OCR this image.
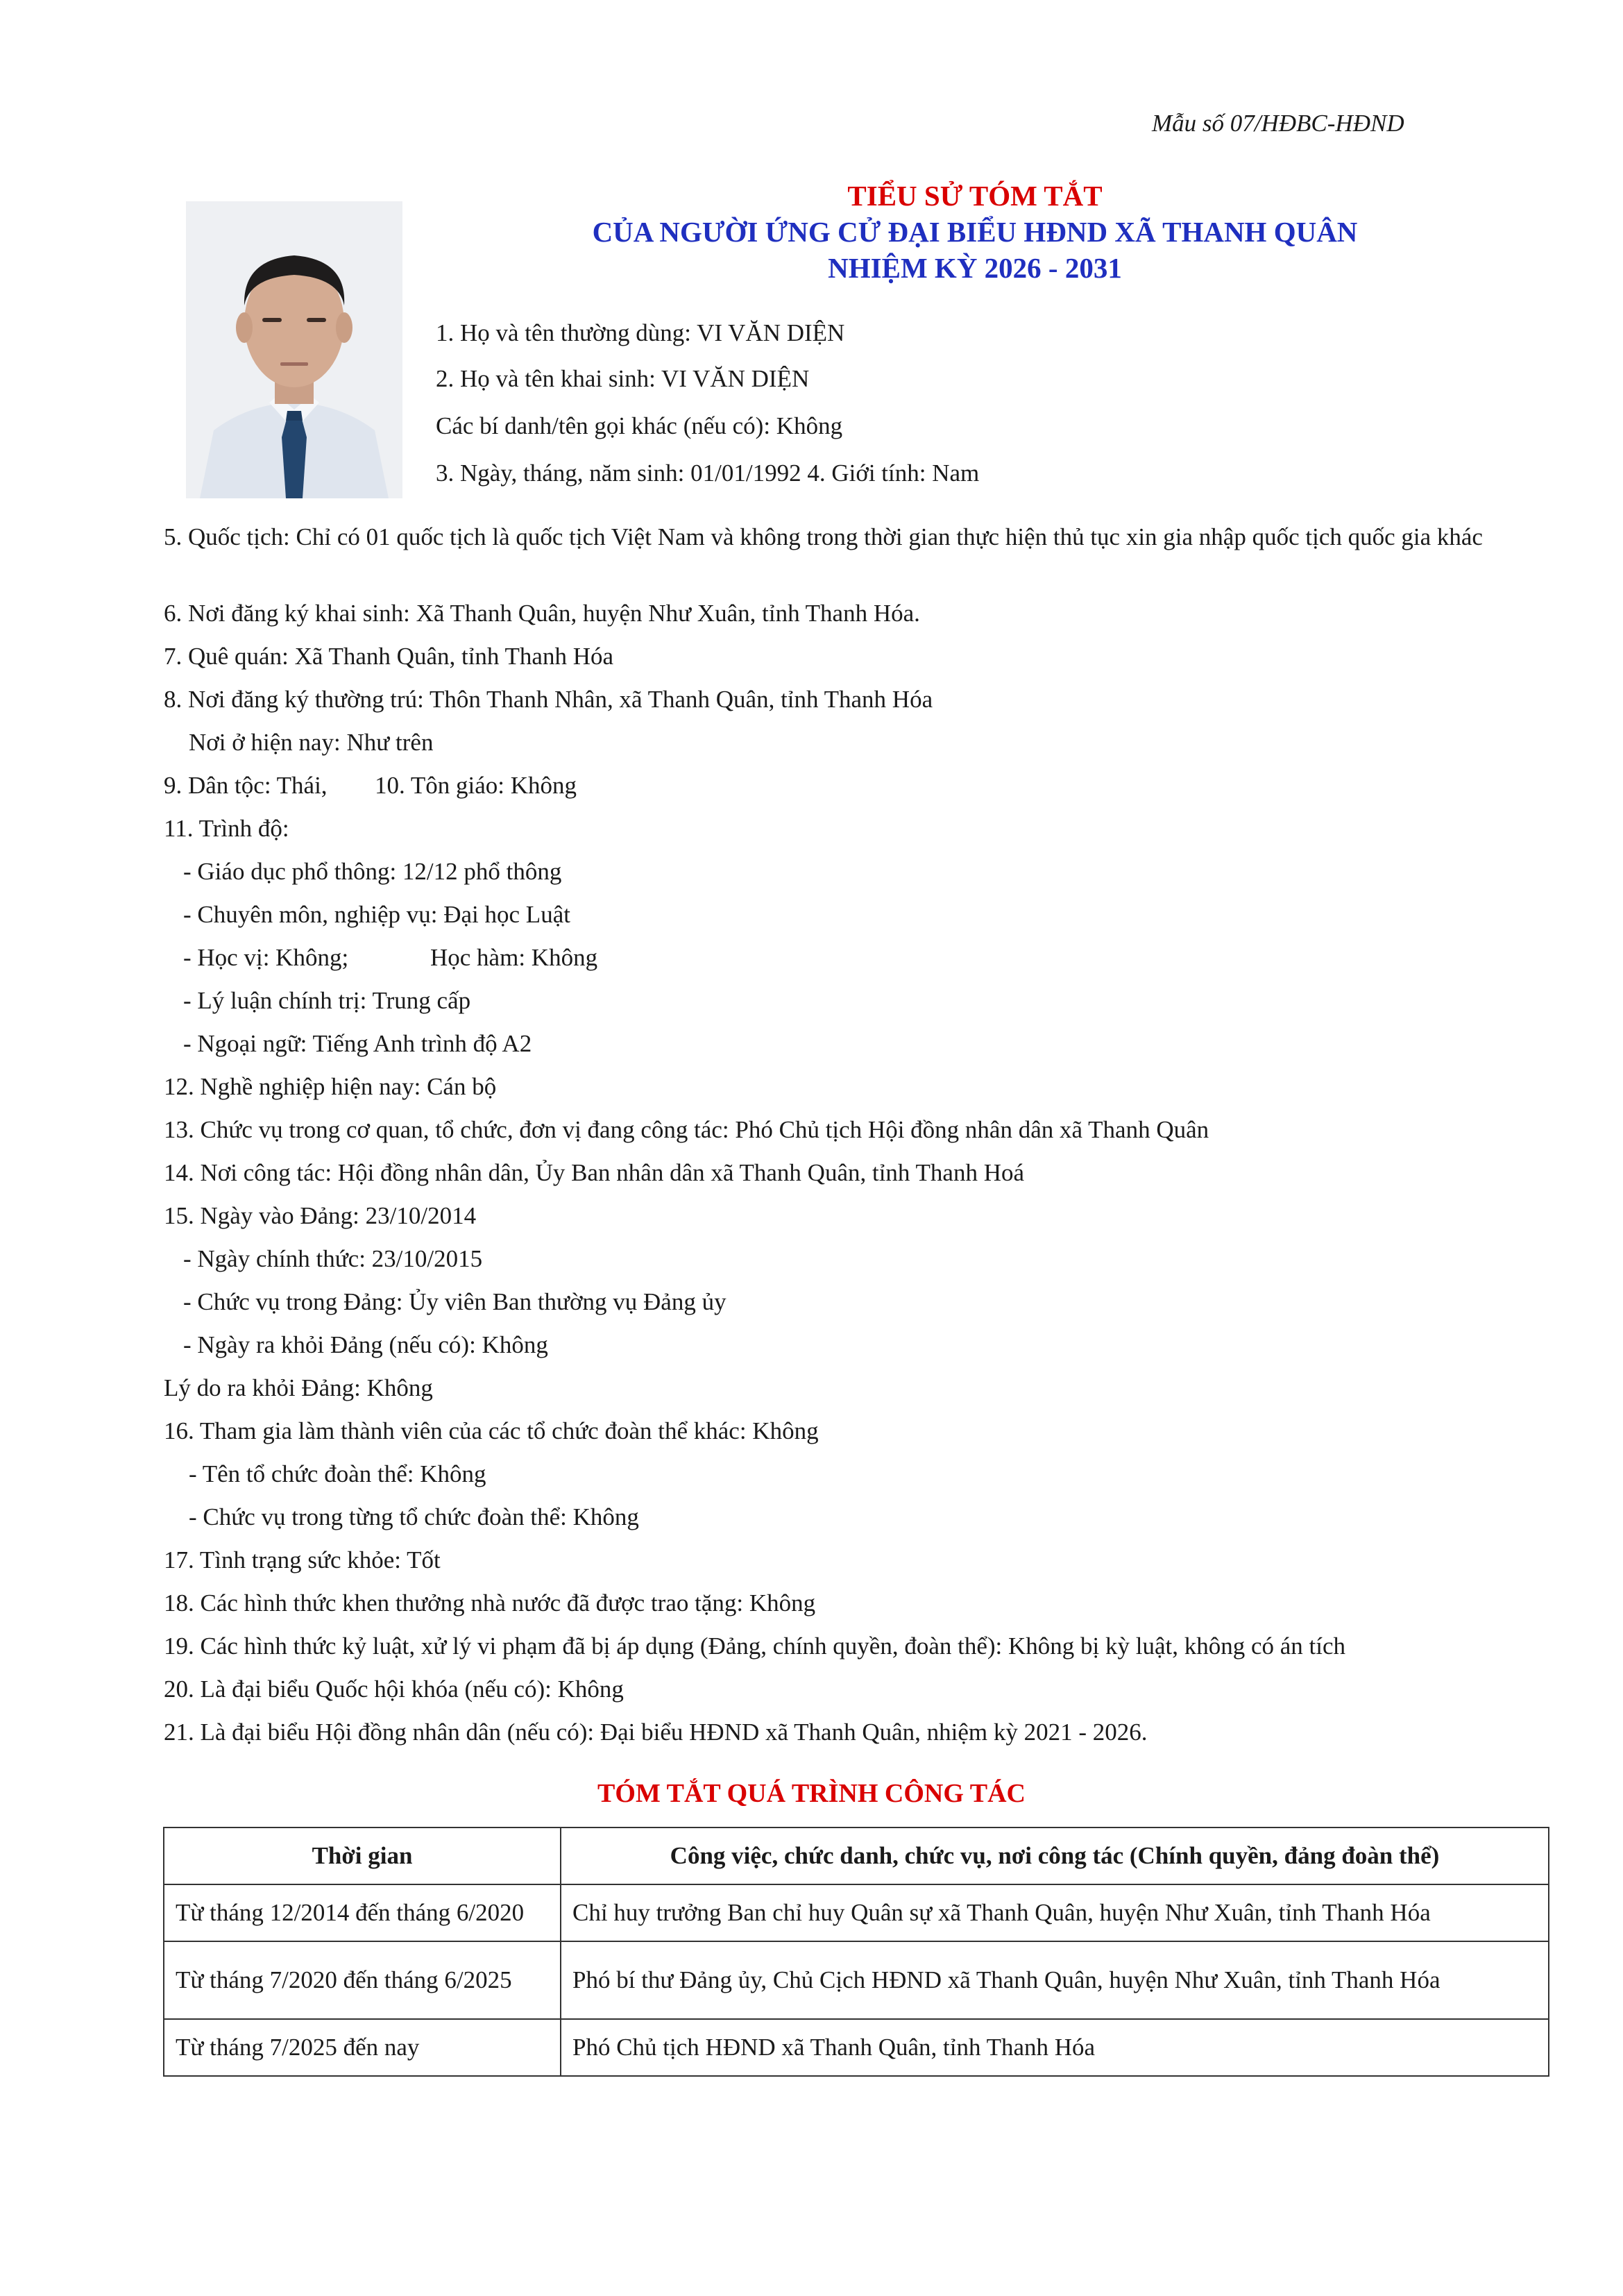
Mẫu số 07/HĐBC-HĐND
TIỂU SỬ TÓM TẮT
CỦA NGƯỜI ỨNG CỬ ĐẠI BIỂU HĐND XÃ THANH QUÂN
NHIỆM KỲ 2026 - 2031
1. Họ và tên thường dùng: VI VĂN DIỆN
2. Họ và tên khai sinh: VI VĂN DIỆN
Các bí danh/tên gọi khác (nếu có): Không
3. Ngày, tháng, năm sinh: 01/01/1992 4. Giới tính: Nam
5. Quốc tịch: Chỉ có 01 quốc tịch là quốc tịch Việt Nam và không trong thời gian thực hiện thủ tục xin gia nhập quốc tịch quốc gia khác
6. Nơi đăng ký khai sinh: Xã Thanh Quân, huyện Như Xuân, tỉnh Thanh Hóa.
7. Quê quán: Xã Thanh Quân, tỉnh Thanh Hóa
8. Nơi đăng ký thường trú: Thôn Thanh Nhân, xã Thanh Quân, tỉnh Thanh Hóa
Nơi ở hiện nay: Như trên
9. Dân tộc: Thái, 10. Tôn giáo: Không
11. Trình độ:
- Giáo dục phổ thông: 12/12 phổ thông
- Chuyên môn, nghiệp vụ: Đại học Luật
- Học vị: Không;	Học hàm: Không
- Lý luận chính trị: Trung cấp
- Ngoại ngữ: Tiếng Anh trình độ A2
12. Nghề nghiệp hiện nay: Cán bộ
13. Chức vụ trong cơ quan, tổ chức, đơn vị đang công tác: Phó Chủ tịch Hội đồng nhân dân xã Thanh Quân
14. Nơi công tác: Hội đồng nhân dân, Ủy Ban nhân dân xã Thanh Quân, tỉnh Thanh Hoá
15. Ngày vào Đảng: 23/10/2014
- Ngày chính thức: 23/10/2015
- Chức vụ trong Đảng: Ủy viên Ban thường vụ Đảng ủy
- Ngày ra khỏi Đảng (nếu có): Không
Lý do ra khỏi Đảng: Không
16. Tham gia làm thành viên của các tổ chức đoàn thể khác: Không
- Tên tổ chức đoàn thể: Không
- Chức vụ trong từng tổ chức đoàn thể: Không
17. Tình trạng sức khỏe: Tốt
18. Các hình thức khen thưởng nhà nước đã được trao tặng: Không
19. Các hình thức kỷ luật, xử lý vi phạm đã bị áp dụng (Đảng, chính quyền, đoàn thể): Không bị kỳ luật, không có án tích
20. Là đại biểu Quốc hội khóa (nếu có): Không
21. Là đại biểu Hội đồng nhân dân (nếu có): Đại biểu HĐND xã Thanh Quân, nhiệm kỳ 2021 - 2026.
TÓM TẮT QUÁ TRÌNH CÔNG TÁC
Thời gian	Công việc, chức danh, chức vụ, nơi công tác (Chính quyền, đảng đoàn thể)
Từ tháng 12/2014 đến tháng 6/2020	Chỉ huy trưởng Ban chỉ huy Quân sự xã Thanh Quân, huyện Như Xuân, tỉnh Thanh Hóa
Từ tháng 7/2020 đến tháng 6/2025	Phó bí thư Đảng ủy, Chủ Cịch HĐND xã Thanh Quân, huyện Như Xuân, tỉnh Thanh Hóa
Từ tháng 7/2025 đến nay	Phó Chủ tịch HĐND xã Thanh Quân, tỉnh Thanh Hóa
